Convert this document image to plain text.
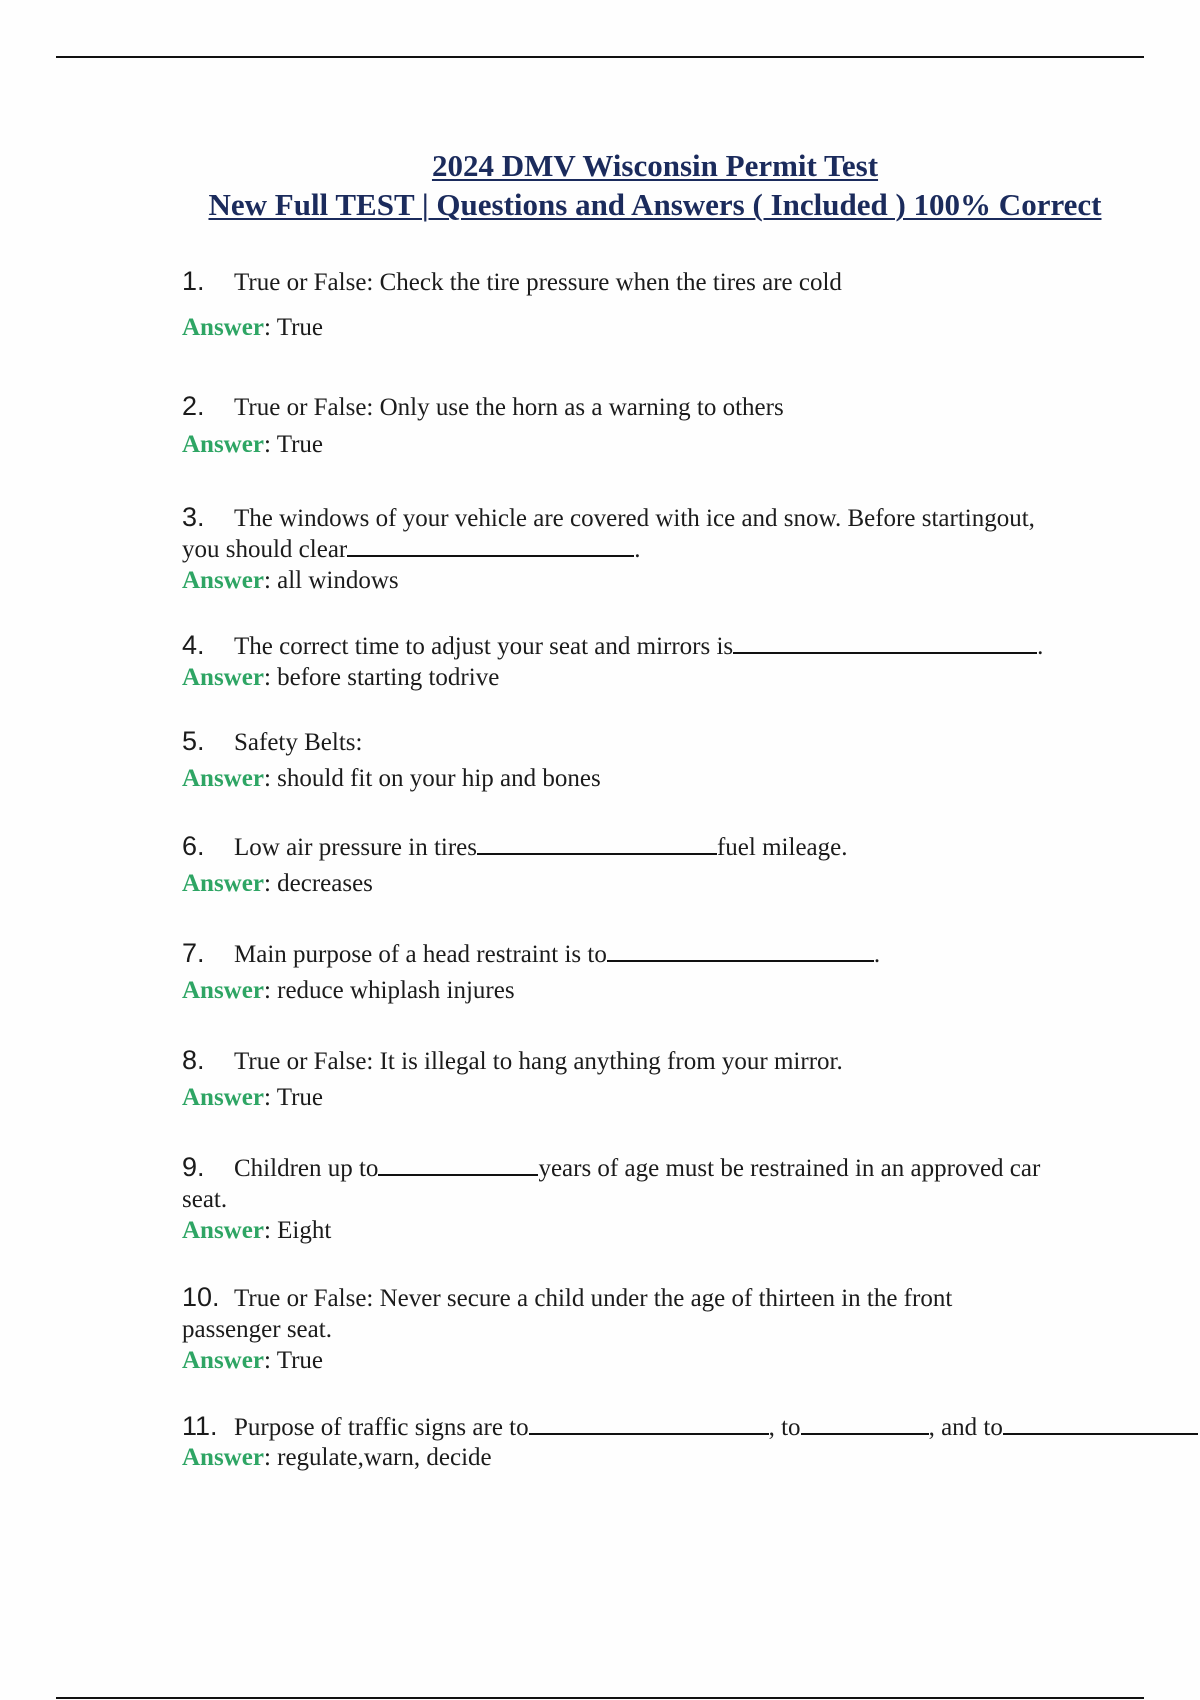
2024 DMV Wisconsin Permit Test
New Full TEST | Questions and Answers ( Included ) 100% Correct
1. True or False: Check the tire pressure when the tires are cold
Answer: True
2. True or False: Only use the horn as a warning to others
Answer: True
3. The windows of your vehicle are covered with ice and snow. Before startingout,
you should clear	.
Answer: all windows
4. The correct time to adjust your seat and mirrors is	.
Answer: before starting todrive
5. Safety Belts:
Answer: should fit on your hip and bones
6. Low air pressure in tires	fuel mileage.
Answer: decreases
7. Main purpose of a head restraint is to	.
Answer: reduce whiplash injures
8. True or False: It is illegal to hang anything from your mirror.
Answer: True
9. Children up to	years of age must be restrained in an approved car
seat.
Answer: Eight
10. True or False: Never secure a child under the age of thirteen in the front
passenger seat.
Answer: True
11. Purpose of traffic signs are to	, to	, and to
Answer: regulate,warn, decide
